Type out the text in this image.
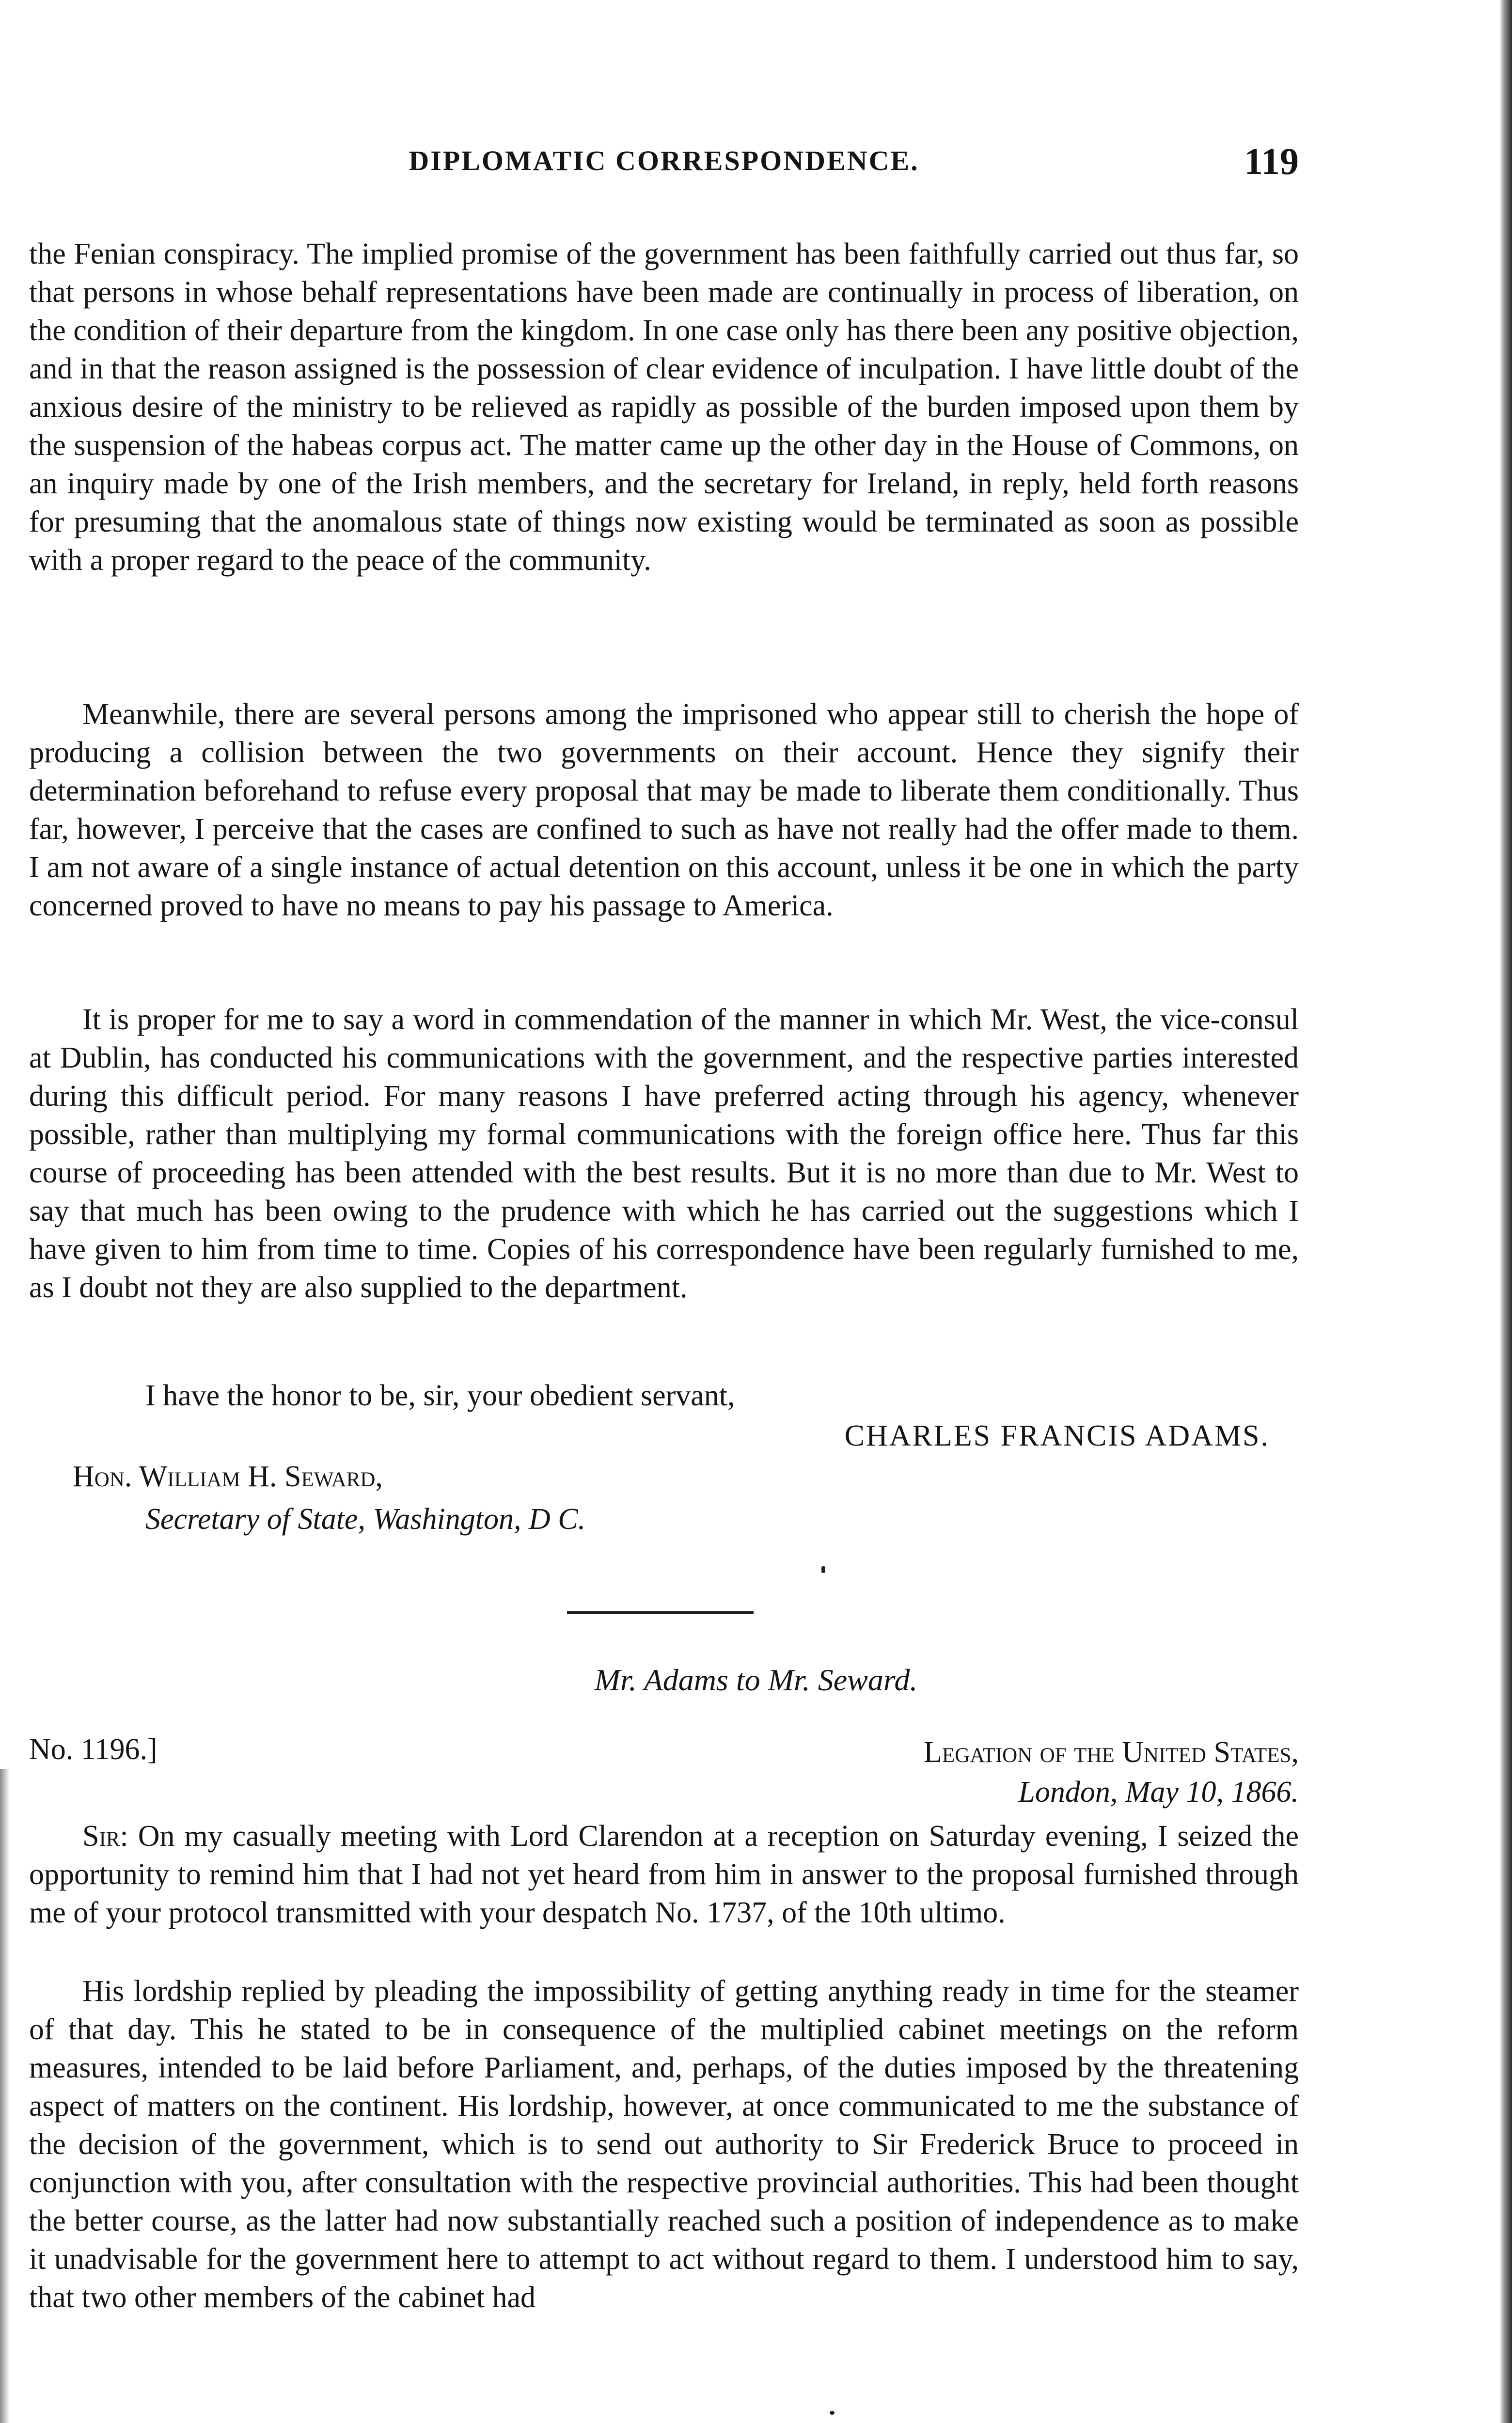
DIPLOMATIC CORRESPONDENCE.	119

the Fenian conspiracy. The implied promise of the government has been faithfully carried out thus far, so that persons in whose behalf representations have been made are continually in process of liberation, on the condition of their departure from the kingdom. In one case only has there been any positive objection, and in that the reason assigned is the possession of clear evidence of inculpation. I have little doubt of the anxious desire of the ministry to be relieved as rapidly as possible of the burden imposed upon them by the suspension of the habeas corpus act. The matter came up the other day in the House of Commons, on an inquiry made by one of the Irish members, and the secretary for Ireland, in reply, held forth reasons for presuming that the anomalous state of things now existing would be terminated as soon as possible with a proper regard to the peace of the community.

Meanwhile, there are several persons among the imprisoned who appear still to cherish the hope of producing a collision between the two governments on their account. Hence they signify their determination beforehand to refuse every proposal that may be made to liberate them conditionally. Thus far, however, I perceive that the cases are confined to such as have not really had the offer made to them. I am not aware of a single instance of actual detention on this account, unless it be one in which the party concerned proved to have no means to pay his passage to America.

It is proper for me to say a word in commendation of the manner in which Mr. West, the vice-consul at Dublin, has conducted his communications with the government, and the respective parties interested during this difficult period. For many reasons I have preferred acting through his agency, whenever possible, rather than multiplying my formal communications with the foreign office here. Thus far this course of proceeding has been attended with the best results. But it is no more than due to Mr. West to say that much has been owing to the prudence with which he has carried out the suggestions which I have given to him from time to time. Copies of his correspondence have been regularly furnished to me, as I doubt not they are also supplied to the department.

I have the honor to be, sir, your obedient servant,
CHARLES FRANCIS ADAMS.
Hon. William H. Seward,
Secretary of State, Washington, D C.
Mr. Adams to Mr. Seward.
No. 1196.]	Legation of the United States,
London, May 10, 1866.

Sir: On my casually meeting with Lord Clarendon at a reception on Saturday evening, I seized the opportunity to remind him that I had not yet heard from him in answer to the proposal furnished through me of your protocol transmitted with your despatch No. 1737, of the 10th ultimo.

His lordship replied by pleading the impossibility of getting anything ready in time for the steamer of that day. This he stated to be in consequence of the multiplied cabinet meetings on the reform measures, intended to be laid before Parliament, and, perhaps, of the duties imposed by the threatening aspect of matters on the continent. His lordship, however, at once communicated to me the substance of the decision of the government, which is to send out authority to Sir Frederick Bruce to proceed in conjunction with you, after consultation with the respective provincial authorities. This had been thought the better course, as the latter had now substantially reached such a position of independence as to make it unadvisable for the government here to attempt to act without regard to them. I understood him to say, that two other members of the cabinet had
